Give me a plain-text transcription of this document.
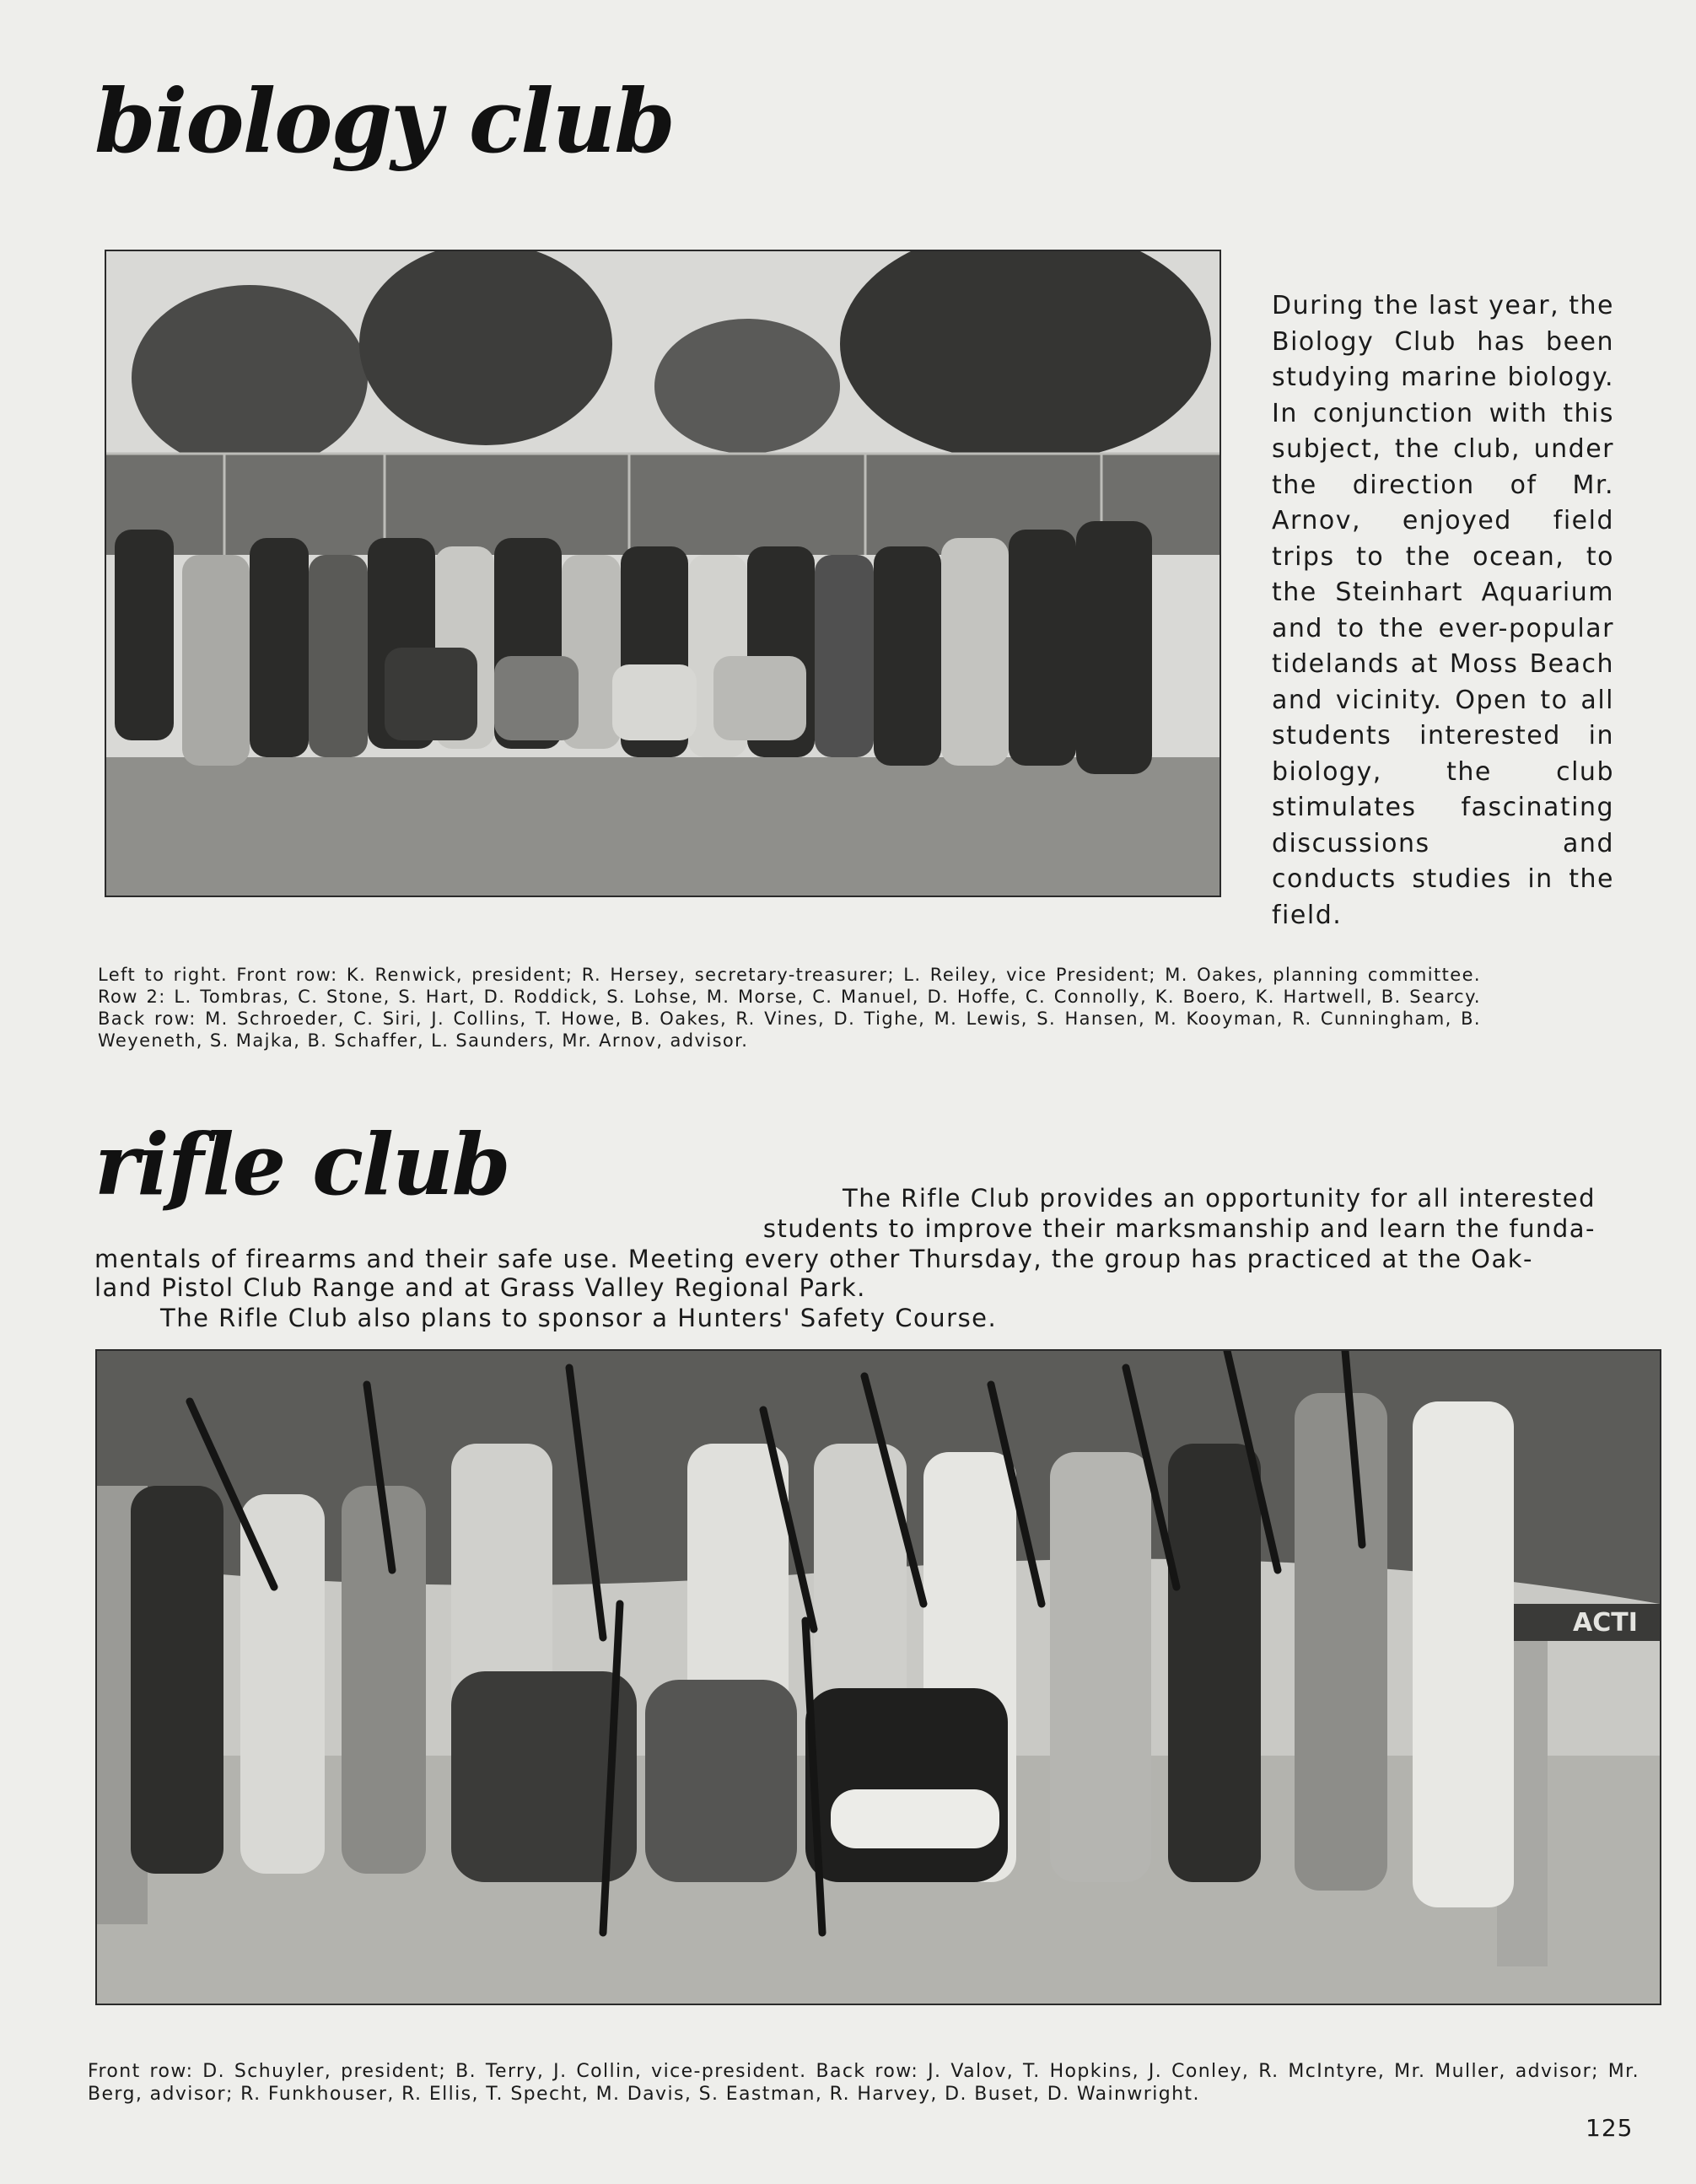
biology club
During the last year, the Biology Club has been studying marine biology. In conjunction with this subject, the club, under the direction of Mr. Arnov, enjoyed field trips to the ocean, to the Steinhart Aquarium and to the ever-popular tidelands at Moss Beach and vicinity. Open to all students interested in biology, the club stimulates fascinating discussions and conducts studies in the field.
Left to right. Front row: K. Renwick, president; R. Hersey, secretary-treasurer; L. Reiley, vice President; M. Oakes, planning committee. Row 2: L. Tombras, C. Stone, S. Hart, D. Roddick, S. Lohse, M. Morse, C. Manuel, D. Hoffe, C. Connolly, K. Boero, K. Hartwell, B. Searcy. Back row: M. Schroeder, C. Siri, J. Collins, T. Howe, B. Oakes, R. Vines, D. Tighe, M. Lewis, S. Hansen, M. Kooyman, R. Cunningham, B. Weyeneth, S. Majka, B. Schaffer, L. Saunders, Mr. Arnov, advisor.
rifle club	The Rifle Club provides an opportunity for all interested
students to improve their marksmanship and learn the funda-
mentals of firearms and their safe use. Meeting every other Thursday, the group has practiced at the Oak-
land Pistol Club Range and at Grass Valley Regional Park.
The Rifle Club also plans to sponsor a Hunters' Safety Course.
ACTI
Front row: D. Schuyler, president; B. Terry, J. Collin, vice-president. Back row: J. Valov, T. Hopkins, J. Conley, R. McIntyre, Mr. Muller, advisor; Mr. Berg, advisor; R. Funkhouser, R. Ellis, T. Specht, M. Davis, S. Eastman, R. Harvey, D. Buset, D. Wainwright.
125
